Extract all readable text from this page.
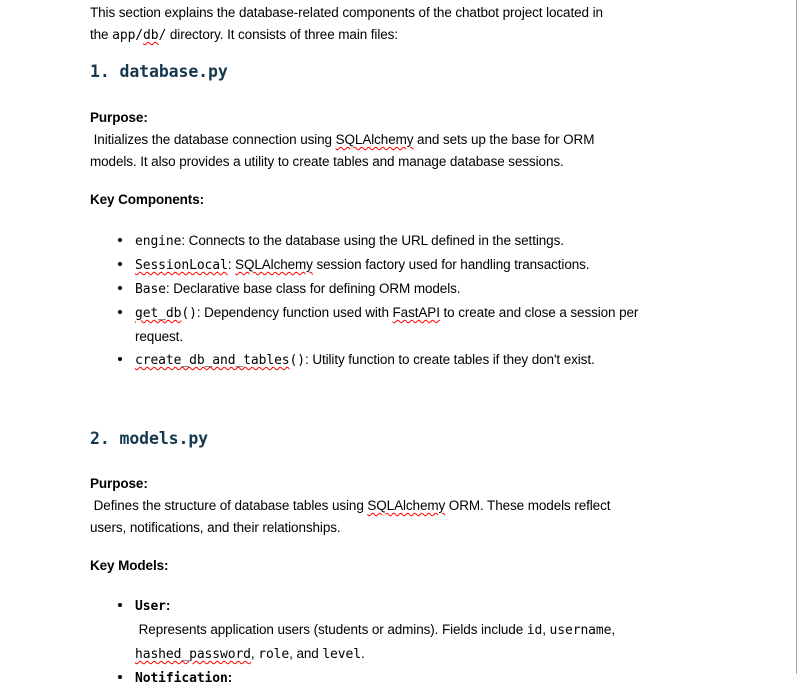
This section explains the database-related components of the chatbot project located in
the app/db/ directory. It consists of three main files:

1. database.py

Purpose:
Initializes the database connection using SQLAlchemy and sets up the base for ORM
models. It also provides a utility to create tables and manage database sessions.

Key Components:

engine: Connects to the database using the URL defined in the settings.
SessionLocal: SQLAlchemy session factory used for handling transactions.
Base: Declarative base class for defining ORM models.
get_db(): Dependency function used with FastAPI to create and close a session per
request.
create_db_and_tables(): Utility function to create tables if they don't exist.
2. models.py

Purpose:
Defines the structure of database tables using SQLAlchemy ORM. These models reflect
users, notifications, and their relationships.

Key Models:

User:
Represents application users (students or admins). Fields include id, username,
hashed_password, role, and level.
Notification:
